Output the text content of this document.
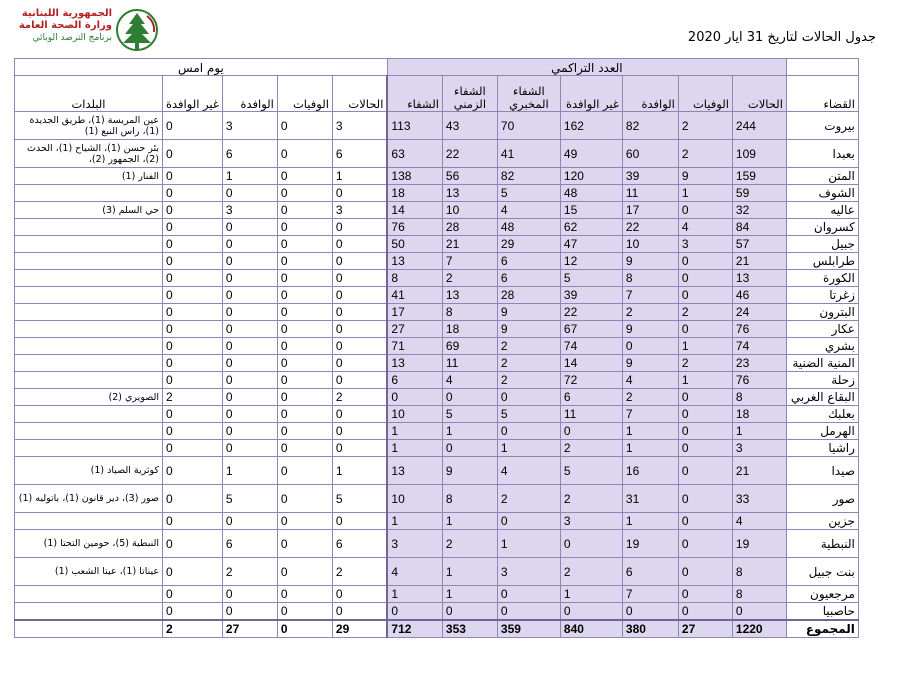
الجمهورية اللبنانية
وزارة الصحة العامة
برنامج الترصد الوبائي	جدول الحالات لتاريخ 31 ايار 2020
	العدد التراكمي							يوم امس				
القضاء	الحالات	الوفيات	الوافدة	غير الوافدة	الشفاء المخبري	الشفاء الزمني	الشفاء	الحالات	الوفيات	الوافدة	غير الوافدة	البلدات
بيروت	244	2	82	162	70	43	113	3	0	3	0	عين المريسة (1)، طريق الجديدة (1)، راس النبع (1)
بعبدا	109	2	60	49	41	22	63	6	0	6	0	بئر حسن (1)، الشياح (1)، الحدث (2)، الجمهور (2)،
المتن	159	9	39	120	82	56	138	1	0	1	0	الفنار (1)
الشوف	59	1	11	48	5	13	18	0	0	0	0	
عاليه	32	0	17	15	4	10	14	3	0	3	0	حي السلم (3)
كسروان	84	4	22	62	48	28	76	0	0	0	0	
جبيل	57	3	10	47	29	21	50	0	0	0	0	
طرابلس	21	0	9	12	6	7	13	0	0	0	0	
الكورة	13	0	8	5	6	2	8	0	0	0	0	
زغرتا	46	0	7	39	28	13	41	0	0	0	0	
البترون	24	2	2	22	9	8	17	0	0	0	0	
عكار	76	0	9	67	9	18	27	0	0	0	0	
بشري	74	1	0	74	2	69	71	0	0	0	0	
المنية الضنية	23	2	9	14	2	11	13	0	0	0	0	
زحلة	76	1	4	72	2	4	6	0	0	0	0	
البقاع الغربي	8	0	2	6	0	0	0	2	0	0	2	الصويري (2)
بعلبك	18	0	7	11	5	5	10	0	0	0	0	
الهرمل	1	0	1	0	0	1	1	0	0	0	0	
راشيا	3	0	1	2	1	0	1	0	0	0	0	
صيدا	21	0	16	5	4	9	13	1	0	1	0	كوثرية الصياد (1)
صور	33	0	31	2	2	8	10	5	0	5	0	صور (3)، دير قانون (1)، باتوليه (1)
جزين	4	0	1	3	0	1	1	0	0	0	0	
النبطية	19	0	19	0	1	2	3	6	0	6	0	النبطية (5)، حومين التحتا (1)
بنت جبيل	8	0	6	2	3	1	4	2	0	2	0	عيناتا (1)، عيتا الشعب (1)
مرجعيون	8	0	7	1	0	1	1	0	0	0	0	
حاصبيا	0	0	0	0	0	0	0	0	0	0	0	
المجموع	1220	27	380	840	359	353	712	29	0	27	2	
